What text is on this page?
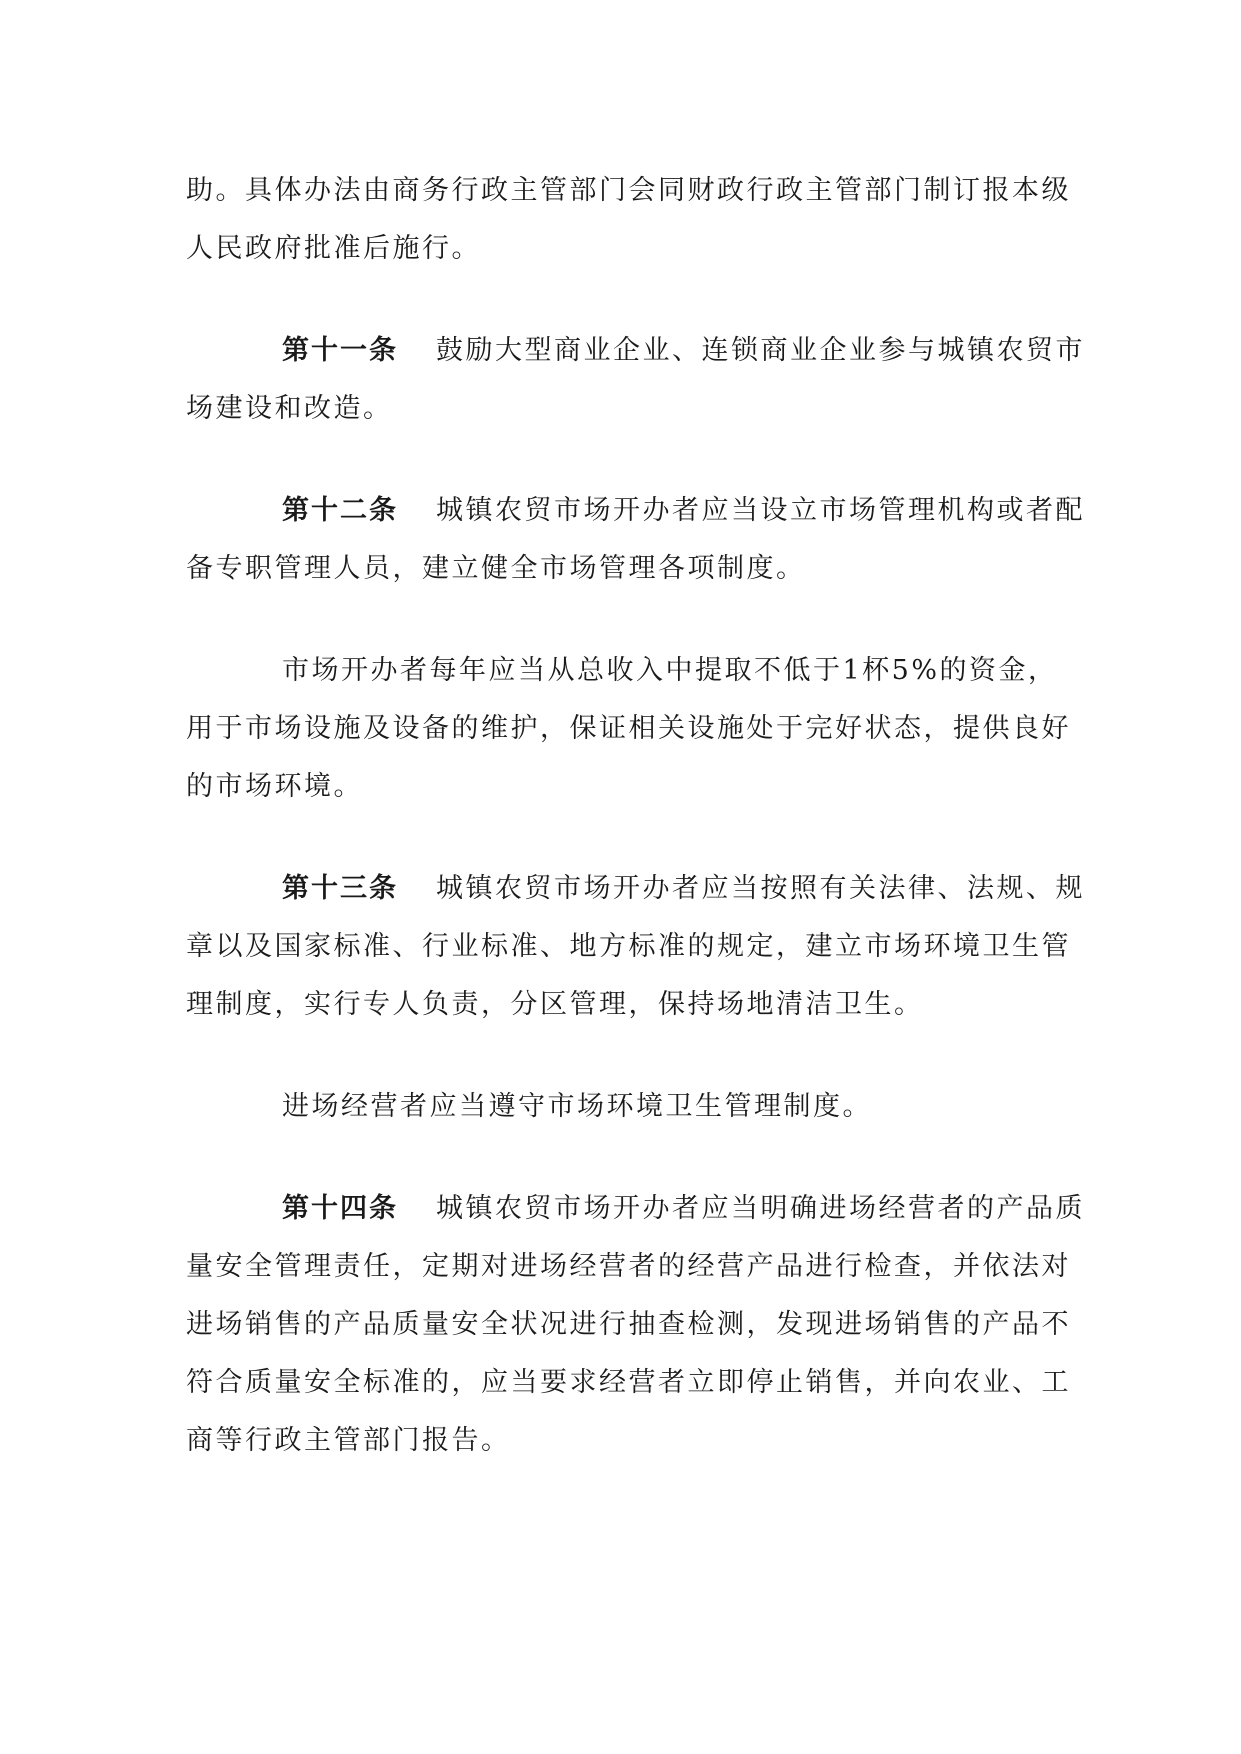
助。具体办法由商务行政主管部门会同财政行政主管部门制订报本级人民政府批准后施行。

第十一条 鼓励大型商业企业、连锁商业企业参与城镇农贸市场建设和改造。

第十二条 城镇农贸市场开办者应当设立市场管理机构或者配备专职管理人员，建立健全市场管理各项制度。

市场开办者每年应当从总收入中提取不低于1杯5%的资金，用于市场设施及设备的维护，保证相关设施处于完好状态，提供良好的市场环境。

第十三条 城镇农贸市场开办者应当按照有关法律、法规、规章以及国家标准、行业标准、地方标准的规定，建立市场环境卫生管理制度，实行专人负责，分区管理，保持场地清洁卫生。

进场经营者应当遵守市场环境卫生管理制度。

第十四条 城镇农贸市场开办者应当明确进场经营者的产品质量安全管理责任，定期对进场经营者的经营产品进行检查，并依法对进场销售的产品质量安全状况进行抽查检测，发现进场销售的产品不符合质量安全标准的，应当要求经营者立即停止销售，并向农业、工商等行政主管部门报告。
